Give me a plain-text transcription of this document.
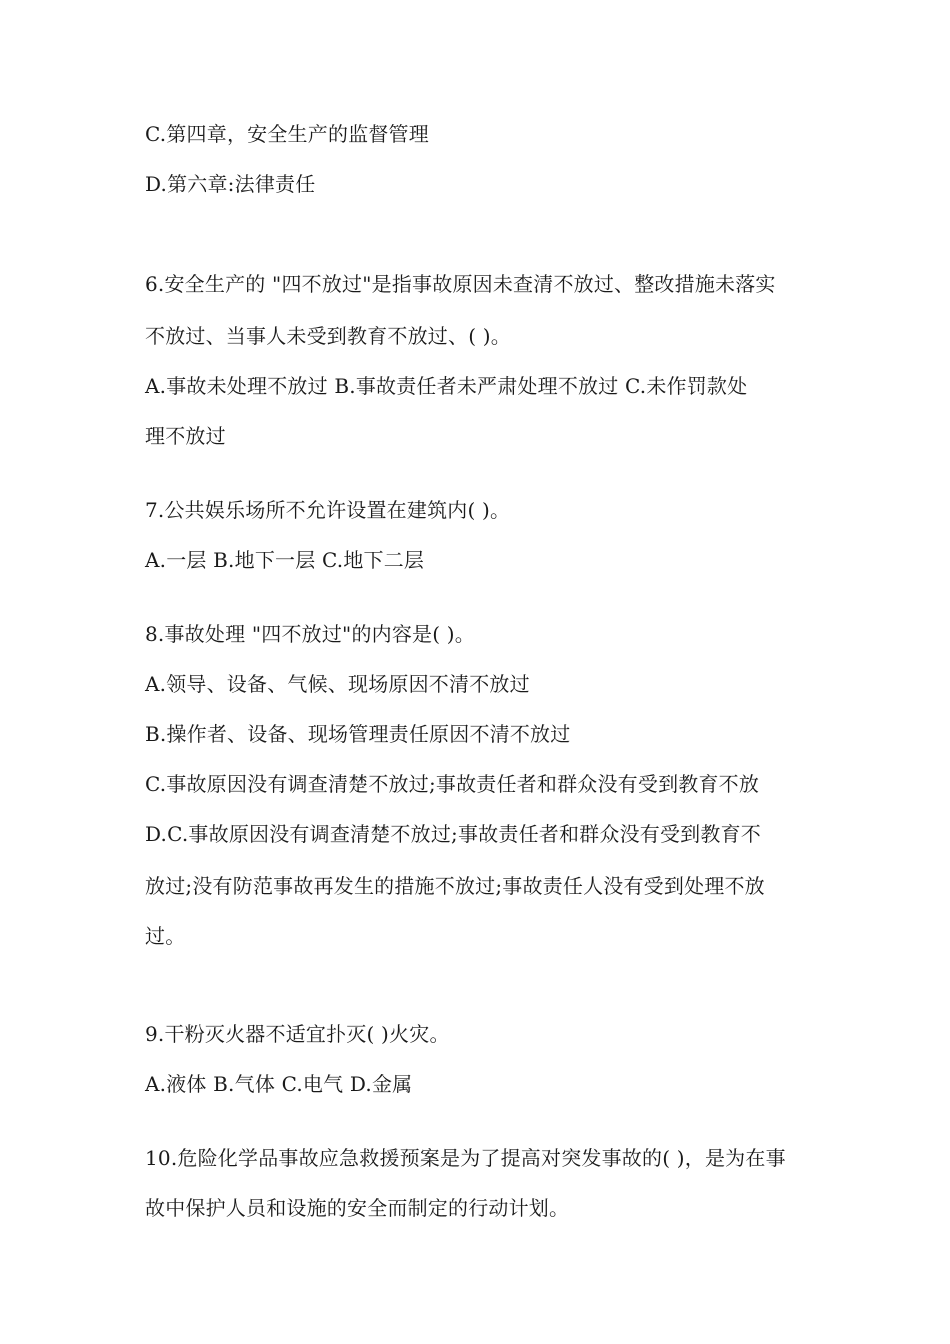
C.第四章，安全生产的监督管理
D.第六章:法律责任
6.安全生产的 "四不放过"是指事故原因未查清不放过、整改措施未落实
不放过、当事人未受到教育不放过、( )。
A.事故未处理不放过 B.事故责任者未严肃处理不放过 C.未作罚款处
理不放过
7.公共娱乐场所不允许设置在建筑内( )。
A.一层 B.地下一层 C.地下二层
8.事故处理 "四不放过"的内容是( )。
A.领导、设备、气候、现场原因不清不放过
B.操作者、设备、现场管理责任原因不清不放过
C.事故原因没有调查清楚不放过;事故责任者和群众没有受到教育不放
D.C.事故原因没有调查清楚不放过;事故责任者和群众没有受到教育不
放过;没有防范事故再发生的措施不放过;事故责任人没有受到处理不放
过。
9.干粉灭火器不适宜扑灭( )火灾。
A.液体 B.气体 C.电气 D.金属
10.危险化学品事故应急救援预案是为了提高对突发事故的( )，是为在事
故中保护人员和设施的安全而制定的行动计划。
